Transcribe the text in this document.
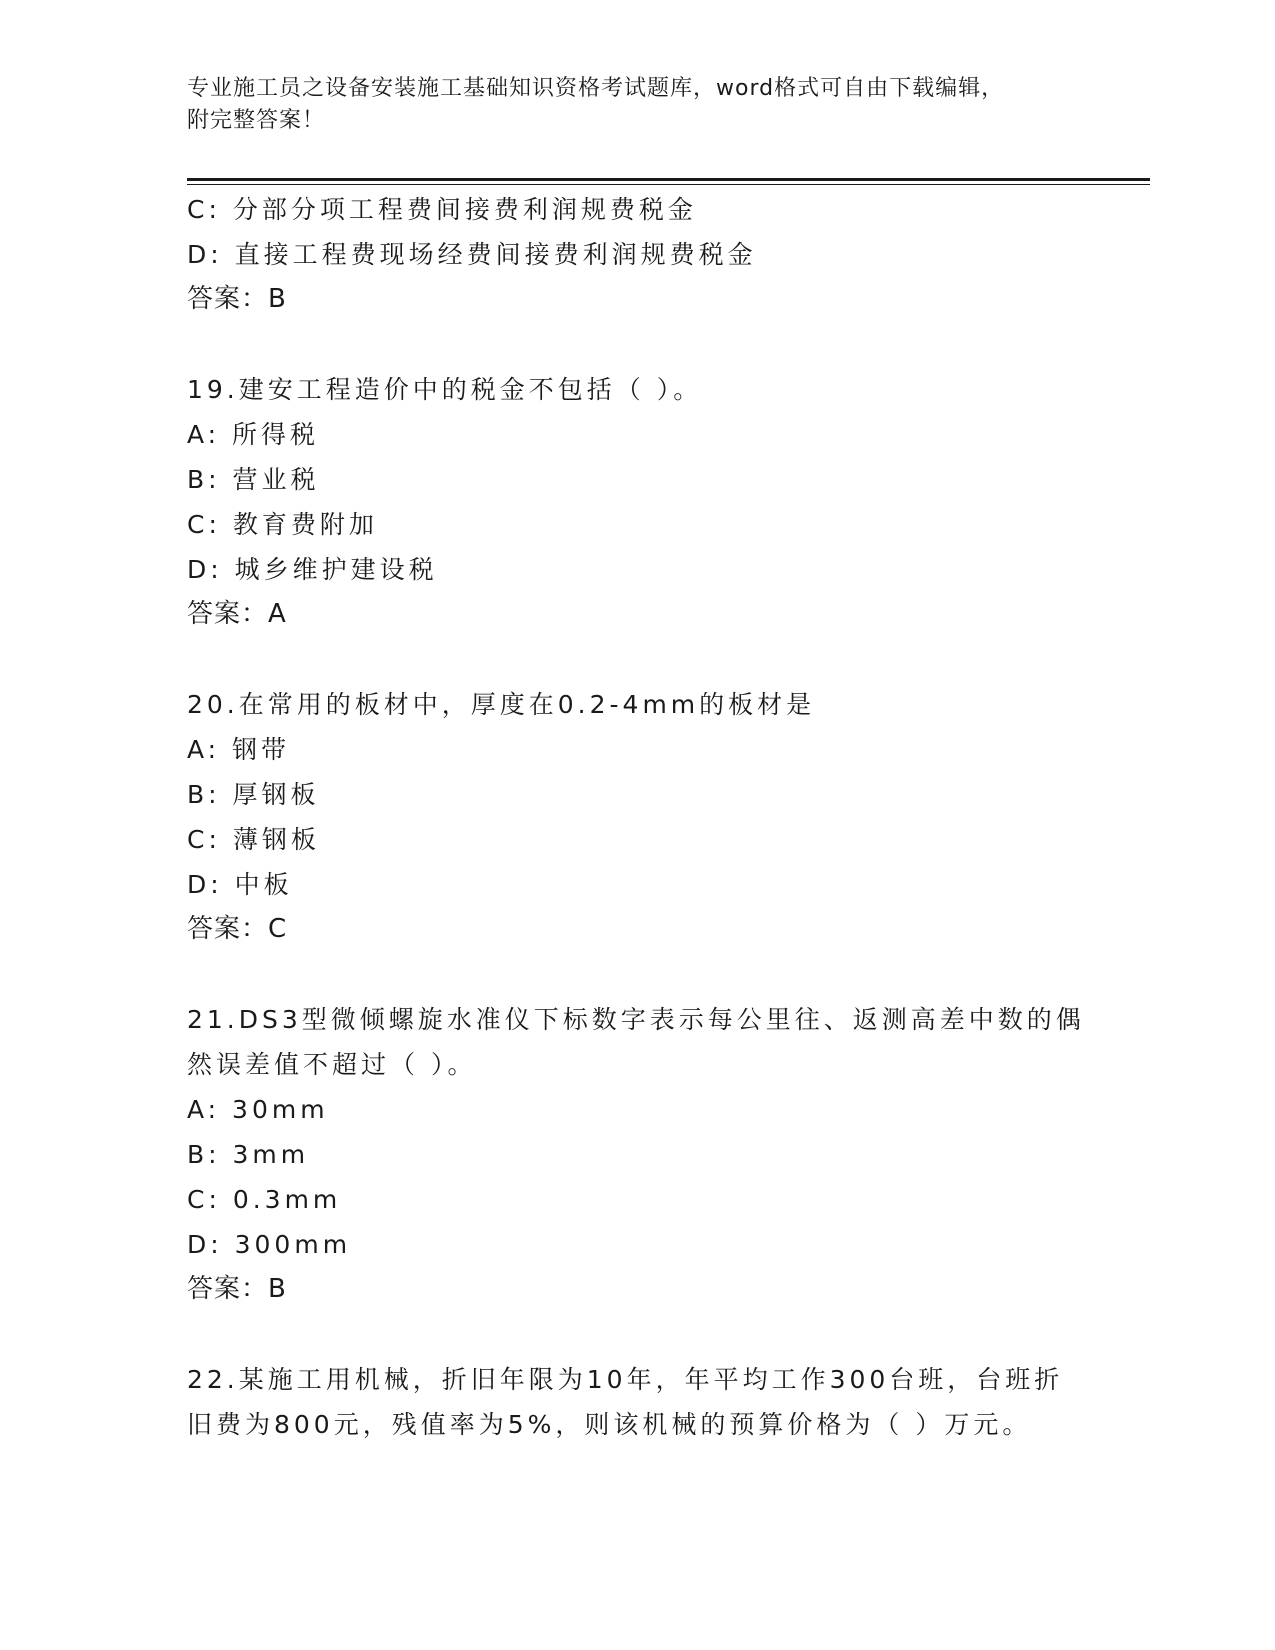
专业施工员之设备安装施工基础知识资格考试题库，word格式可自由下载编辑，
附完整答案！

C: 分部分项工程费间接费利润规费税金

D: 直接工程费现场经费间接费利润规费税金

答案：B

19.建安工程造价中的税金不包括（ ）。

A: 所得税

B: 营业税

C: 教育费附加

D: 城乡维护建设税

答案：A

20.在常用的板材中，厚度在0.2-4mm的板材是

A: 钢带

B: 厚钢板

C: 薄钢板

D: 中板

答案：C

21.DS3型微倾螺旋水准仪下标数字表示每公里往、返测高差中数的偶

然误差值不超过（ ）。

A: 30mm

B: 3mm

C: 0.3mm

D: 300mm

答案：B

22.某施工用机械，折旧年限为10年，年平均工作300台班，台班折

旧费为800元，残值率为5%，则该机械的预算价格为（ ）万元。
